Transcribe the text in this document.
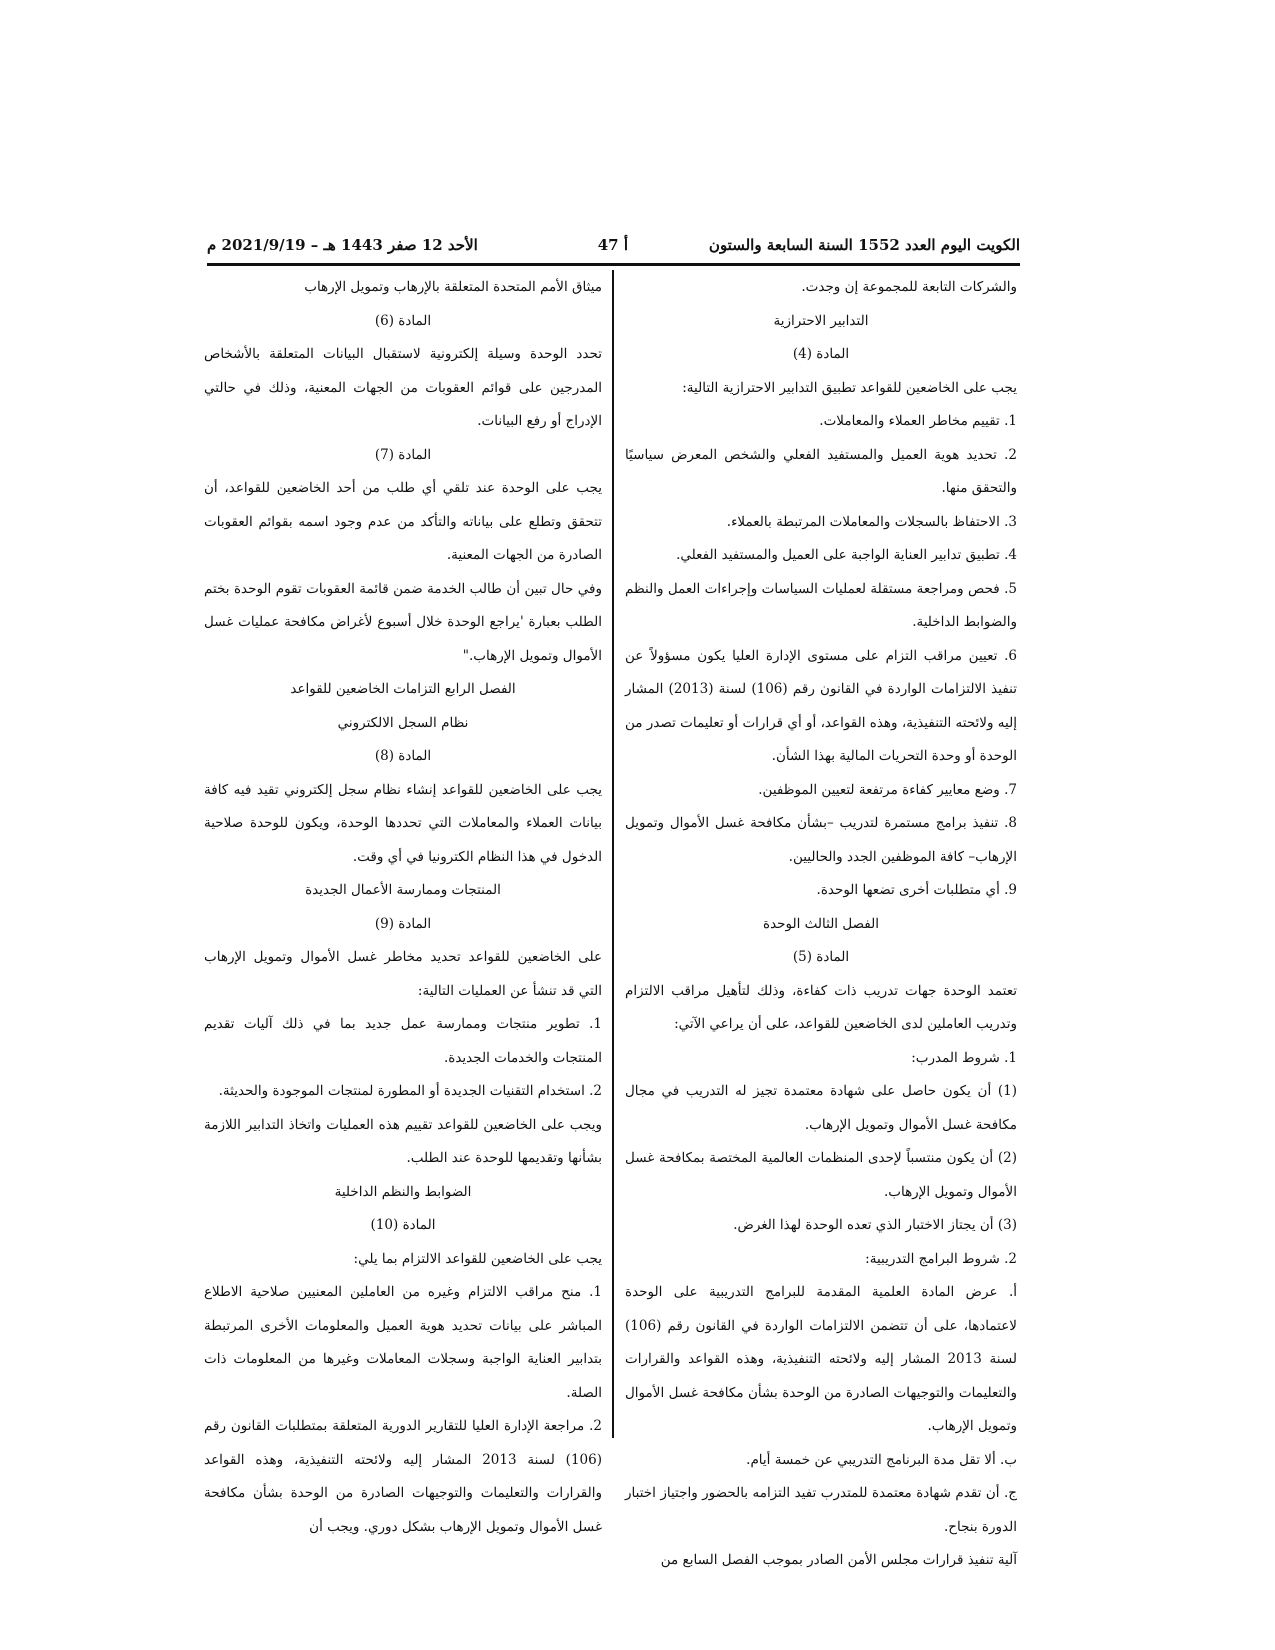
الكويت اليوم العدد 1552 السنة السابعة والستون
أ 47
الأحد 12 صفر 1443 هـ – 2021/9/19 م

والشركات التابعة للمجموعة إن وجدت.

التدابير الاحترازية

المادة (4)

يجب على الخاضعين للقواعد تطبيق التدابير الاحترازية التالية:

1. تقييم مخاطر العملاء والمعاملات.

2. تحديد هوية العميل والمستفيد الفعلي والشخص المعرض سياسيًا والتحقق منها.

3. الاحتفاظ بالسجلات والمعاملات المرتبطة بالعملاء.

4. تطبيق تدابير العناية الواجبة على العميل والمستفيد الفعلي.

5. فحص ومراجعة مستقلة لعمليات السياسات وإجراءات العمل والنظم والضوابط الداخلية.

6. تعيين مراقب التزام على مستوى الإدارة العليا يكون مسؤولاً عن تنفيذ الالتزامات الواردة في القانون رقم (106) لسنة (2013) المشار إليه ولائحته التنفيذية، وهذه القواعد، أو أي قرارات أو تعليمات تصدر من الوحدة أو وحدة التحريات المالية بهذا الشأن.

7. وضع معايير كفاءة مرتفعة لتعيين الموظفين.

8. تنفيذ برامج مستمرة لتدريب –بشأن مكافحة غسل الأموال وتمويل الإرهاب– كافة الموظفين الجدد والحاليين.

9. أي متطلبات أخرى تضعها الوحدة.

الفصل الثالث الوحدة

المادة (5)

تعتمد الوحدة جهات تدريب ذات كفاءة، وذلك لتأهيل مراقب الالتزام وتدريب العاملين لدى الخاضعين للقواعد، على أن يراعي الآتي:

1. شروط المدرب:

(1) أن يكون حاصل على شهادة معتمدة تجيز له التدريب في مجال مكافحة غسل الأموال وتمويل الإرهاب.

(2) أن يكون منتسباً لإحدى المنظمات العالمية المختصة بمكافحة غسل الأموال وتمويل الإرهاب.

(3) أن يجتاز الاختبار الذي تعده الوحدة لهذا الغرض.

2. شروط البرامج التدريبية:

أ. عرض المادة العلمية المقدمة للبرامج التدريبية على الوحدة لاعتمادها، على أن تتضمن الالتزامات الواردة في القانون رقم (106) لسنة 2013 المشار إليه ولائحته التنفيذية، وهذه القواعد والقرارات والتعليمات والتوجيهات الصادرة من الوحدة بشأن مكافحة غسل الأموال وتمويل الإرهاب.

ب. ألا تقل مدة البرنامج التدريبي عن خمسة أيام.

ج. أن تقدم شهادة معتمدة للمتدرب تفيد التزامه بالحضور واجتياز اختبار الدورة بنجاح.

آلية تنفيذ قرارات مجلس الأمن الصادر بموجب الفصل السابع من

ميثاق الأمم المتحدة المتعلقة بالإرهاب وتمويل الإرهاب

المادة (6)

تحدد الوحدة وسيلة إلكترونية لاستقبال البيانات المتعلقة بالأشخاص المدرجين على قوائم العقوبات من الجهات المعنية، وذلك في حالتي الإدراج أو رفع البيانات.

المادة (7)

يجب على الوحدة عند تلقي أي طلب من أحد الخاضعين للقواعد، أن تتحقق وتطلع على بياناته والتأكد من عدم وجود اسمه بقوائم العقوبات الصادرة من الجهات المعنية.

وفي حال تبين أن طالب الخدمة ضمن قائمة العقوبات تقوم الوحدة بختم الطلب بعبارة 'يراجع الوحدة خلال أسبوع لأغراض مكافحة عمليات غسل الأموال وتمويل الإرهاب."

الفصل الرابع التزامات الخاضعين للقواعد

نظام السجل الالكتروني

المادة (8)

يجب على الخاضعين للقواعد إنشاء نظام سجل إلكتروني تقيد فيه كافة بيانات العملاء والمعاملات التي تحددها الوحدة، ويكون للوحدة صلاحية الدخول في هذا النظام الكترونيا في أي وقت.

المنتجات وممارسة الأعمال الجديدة

المادة (9)

على الخاضعين للقواعد تحديد مخاطر غسل الأموال وتمويل الإرهاب التي قد تنشأ عن العمليات التالية:

1. تطوير منتجات وممارسة عمل جديد بما في ذلك آليات تقديم المنتجات والخدمات الجديدة.

2. استخدام التقنيات الجديدة أو المطورة لمنتجات الموجودة والحديثة.

ويجب على الخاضعين للقواعد تقييم هذه العمليات واتخاذ التدابير اللازمة بشأنها وتقديمها للوحدة عند الطلب.

الضوابط والنظم الداخلية

المادة (10)

يجب على الخاضعين للقواعد الالتزام بما يلي:

1. منح مراقب الالتزام وغيره من العاملين المعنيين صلاحية الاطلاع المباشر على بيانات تحديد هوية العميل والمعلومات الأخرى المرتبطة بتدابير العناية الواجبة وسجلات المعاملات وغيرها من المعلومات ذات الصلة.

2. مراجعة الإدارة العليا للتقارير الدورية المتعلقة بمتطلبات القانون رقم (106) لسنة 2013 المشار إليه ولائحته التنفيذية، وهذه القواعد والقرارات والتعليمات والتوجيهات الصادرة من الوحدة بشأن مكافحة غسل الأموال وتمويل الإرهاب بشكل دوري. ويجب أن
